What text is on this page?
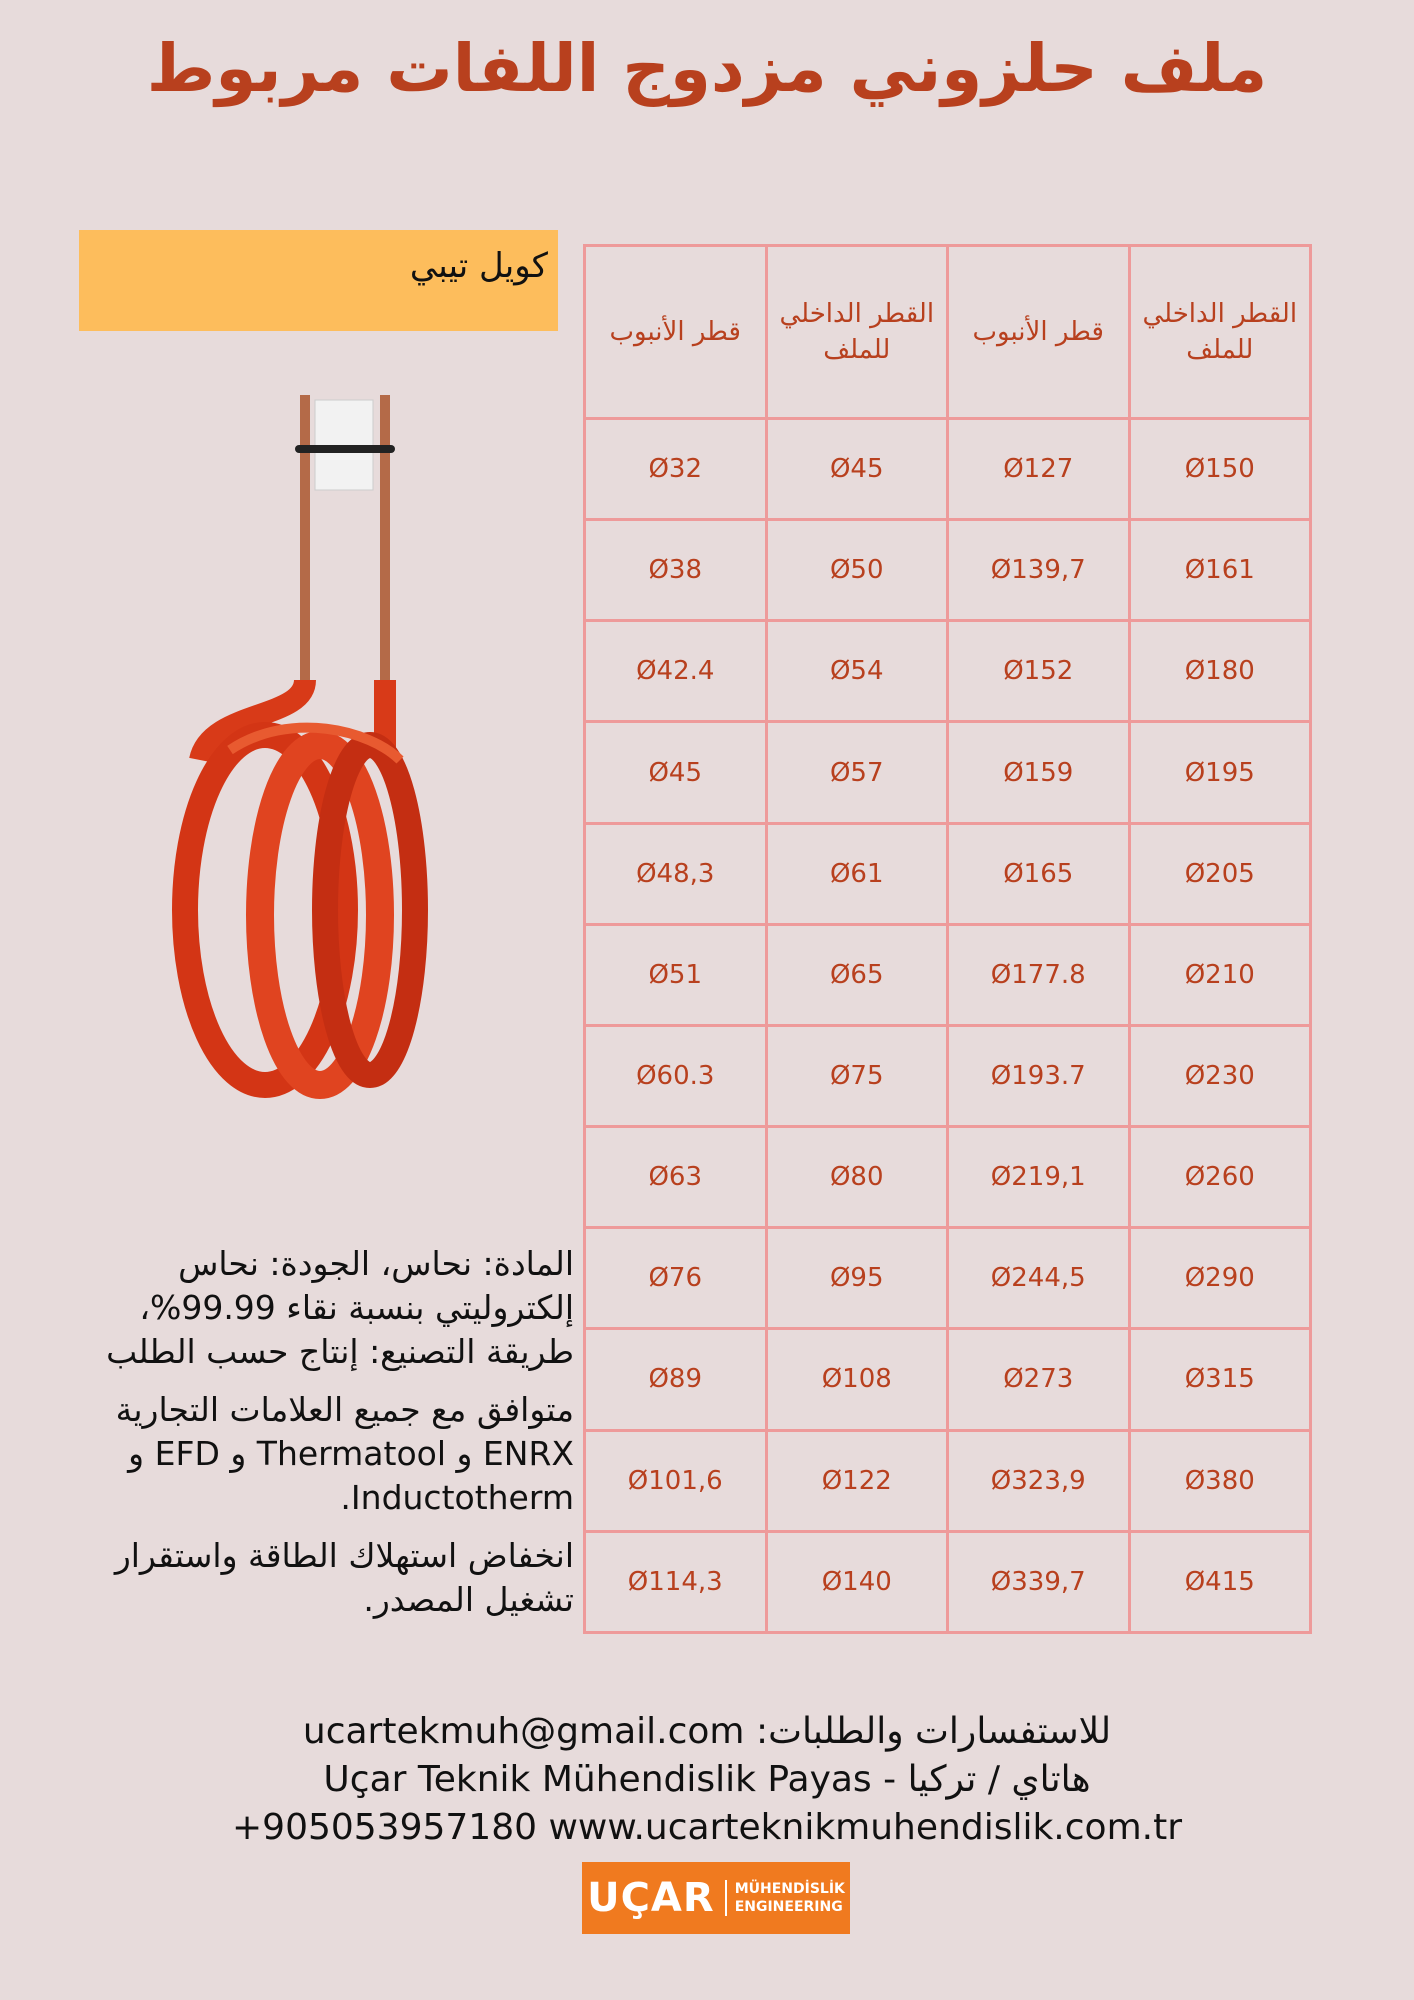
ملف حلزوني مزدوج اللفات مربوط
كويل تيبي
القطر الداخلي للملف	قطر الأنبوب	القطر الداخلي للملف	قطر الأنبوب
Ø150	Ø127	Ø45	Ø32
Ø161	Ø139,7	Ø50	Ø38
Ø180	Ø152	Ø54	Ø42.4
Ø195	Ø159	Ø57	Ø45
Ø205	Ø165	Ø61	Ø48,3
Ø210	Ø177.8	Ø65	Ø51
Ø230	Ø193.7	Ø75	Ø60.3
Ø260	Ø219,1	Ø80	Ø63
Ø290	Ø244,5	Ø95	Ø76
Ø315	Ø273	Ø108	Ø89
Ø380	Ø323,9	Ø122	Ø101,6
Ø415	Ø339,7	Ø140	Ø114,3

المادة: نحاس، الجودة: نحاس إلكتروليتي بنسبة نقاء 99.99%، طريقة التصنيع: إنتاج حسب الطلب

متوافق مع جميع العلامات التجارية ENRX و Thermatool و EFD و Inductotherm.

انخفاض استهلاك الطاقة واستقرار تشغيل المصدر.

للاستفسارات والطلبات: ucartekmuh@gmail.com
Uçar Teknik Mühendislik Payas - هاتاي / تركيا
+905053957180 www.ucarteknikmuhendislik.com.tr
UÇAR MÜHENDİSLİK
ENGINEERING
